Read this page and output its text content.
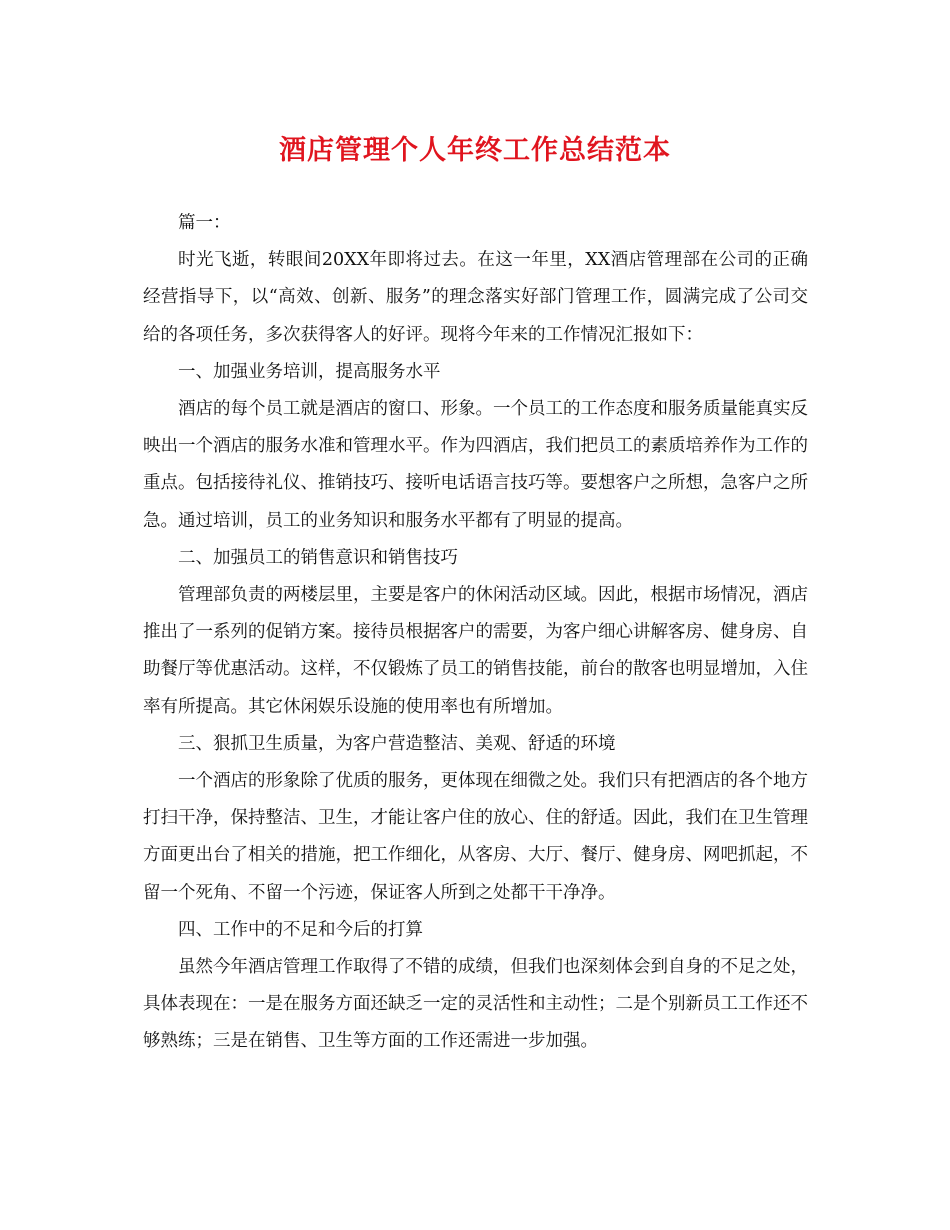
酒店管理个人年终工作总结范本

篇一：

时光飞逝，转眼间20XX年即将过去。在这一年里，XX酒店管理部在公司的正确经营指导下，以“高效、创新、服务”的理念落实好部门管理工作，圆满完成了公司交给的各项任务，多次获得客人的好评。现将今年来的工作情况汇报如下：

一、加强业务培训，提高服务水平

酒店的每个员工就是酒店的窗口、形象。一个员工的工作态度和服务质量能真实反映出一个酒店的服务水准和管理水平。作为四酒店，我们把员工的素质培养作为工作的重点。包括接待礼仪、推销技巧、接听电话语言技巧等。要想客户之所想，急客户之所急。通过培训，员工的业务知识和服务水平都有了明显的提高。

二、加强员工的销售意识和销售技巧

管理部负责的两楼层里，主要是客户的休闲活动区域。因此，根据市场情况，酒店推出了一系列的促销方案。接待员根据客户的需要，为客户细心讲解客房、健身房、自助餐厅等优惠活动。这样，不仅锻炼了员工的销售技能，前台的散客也明显增加，入住率有所提高。其它休闲娱乐设施的使用率也有所增加。

三、狠抓卫生质量，为客户营造整洁、美观、舒适的环境

一个酒店的形象除了优质的服务，更体现在细微之处。我们只有把酒店的各个地方打扫干净，保持整洁、卫生，才能让客户住的放心、住的舒适。因此，我们在卫生管理方面更出台了相关的措施，把工作细化，从客房、大厅、餐厅、健身房、网吧抓起，不留一个死角、不留一个污迹，保证客人所到之处都干干净净。

四、工作中的不足和今后的打算

虽然今年酒店管理工作取得了不错的成绩，但我们也深刻体会到自身的不足之处，具体表现在：一是在服务方面还缺乏一定的灵活性和主动性；二是个别新员工工作还不够熟练；三是在销售、卫生等方面的工作还需进一步加强。
